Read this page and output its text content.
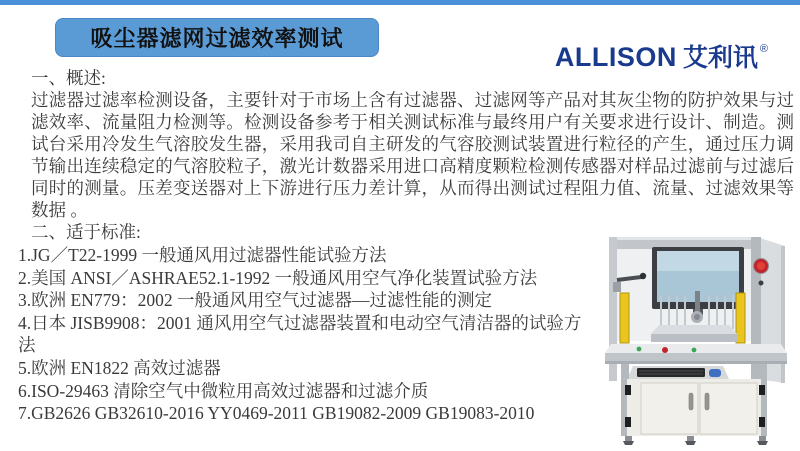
吸尘器滤网过滤效率测试
ALLISON 艾利讯 ®
一、概述:

过滤器过滤率检测设备，主要针对于市场上含有过滤器、过滤网等产品对其灰尘物的防护效果与过滤效率、流量阻力检测等。检测设备参考于相关测试标准与最终用户有关要求进行设计、制造。测试台采用冷发生气溶胶发生器，采用我司自主研发的气容胶测试装置进行粒径的产生，通过压力调节输出连续稳定的气溶胶粒子，激光计数器采用进口高精度颗粒检测传感器对样品过滤前与过滤后同时的测量。压差变送器对上下游进行压力差计算，从而得出测试过程阻力值、流量、过滤效果等数据 。

二、适于标准:
1.JG／T22-1999 一般通风用过滤器性能试验方法
2.美国 ANSI／ASHRAE52.1-1992 一般通风用空气净化装置试验方法
3.欧洲 EN779：2002 一般通风用空气过滤器—过滤性能的测定
4.日本 JISB9908：2001 通风用空气过滤器装置和电动空气清洁器的试验方法
5.欧洲 EN1822 高效过滤器
6.ISO-29463 清除空气中微粒用高效过滤器和过滤介质
7.GB2626 GB32610-2016 YY0469-2011 GB19082-2009 GB19083-2010
